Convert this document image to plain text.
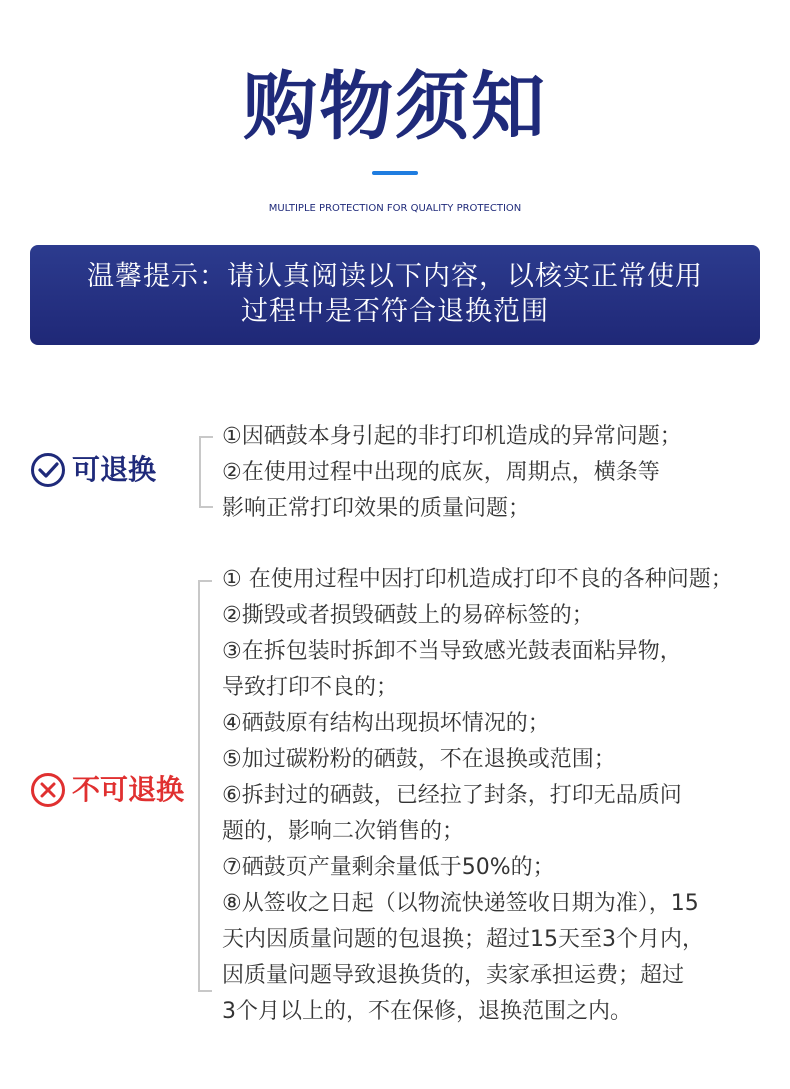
购物须知
MULTIPLE PROTECTION FOR QUALITY PROTECTION
温馨提示：请认真阅读以下内容，以核实正常使用
过程中是否符合退换范围
可退换
①因硒鼓本身引起的非打印机造成的异常问题；
②在使用过程中出现的底灰，周期点，横条等
影响正常打印效果的质量问题；
不可退换
① 在使用过程中因打印机造成打印不良的各种问题；
②撕毁或者损毁硒鼓上的易碎标签的；
③在拆包装时拆卸不当导致感光鼓表面粘异物，
导致打印不良的；
④硒鼓原有结构出现损坏情况的；
⑤加过碳粉粉的硒鼓，不在退换或范围；
⑥拆封过的硒鼓，已经拉了封条，打印无品质问
题的，影响二次销售的；
⑦硒鼓页产量剩余量低于50%的；
⑧从签收之日起（以物流快递签收日期为准），15
天内因质量问题的包退换；超过15天至3个月内，
因质量问题导致退换货的，卖家承担运费；超过
3个月以上的，不在保修，退换范围之内。
